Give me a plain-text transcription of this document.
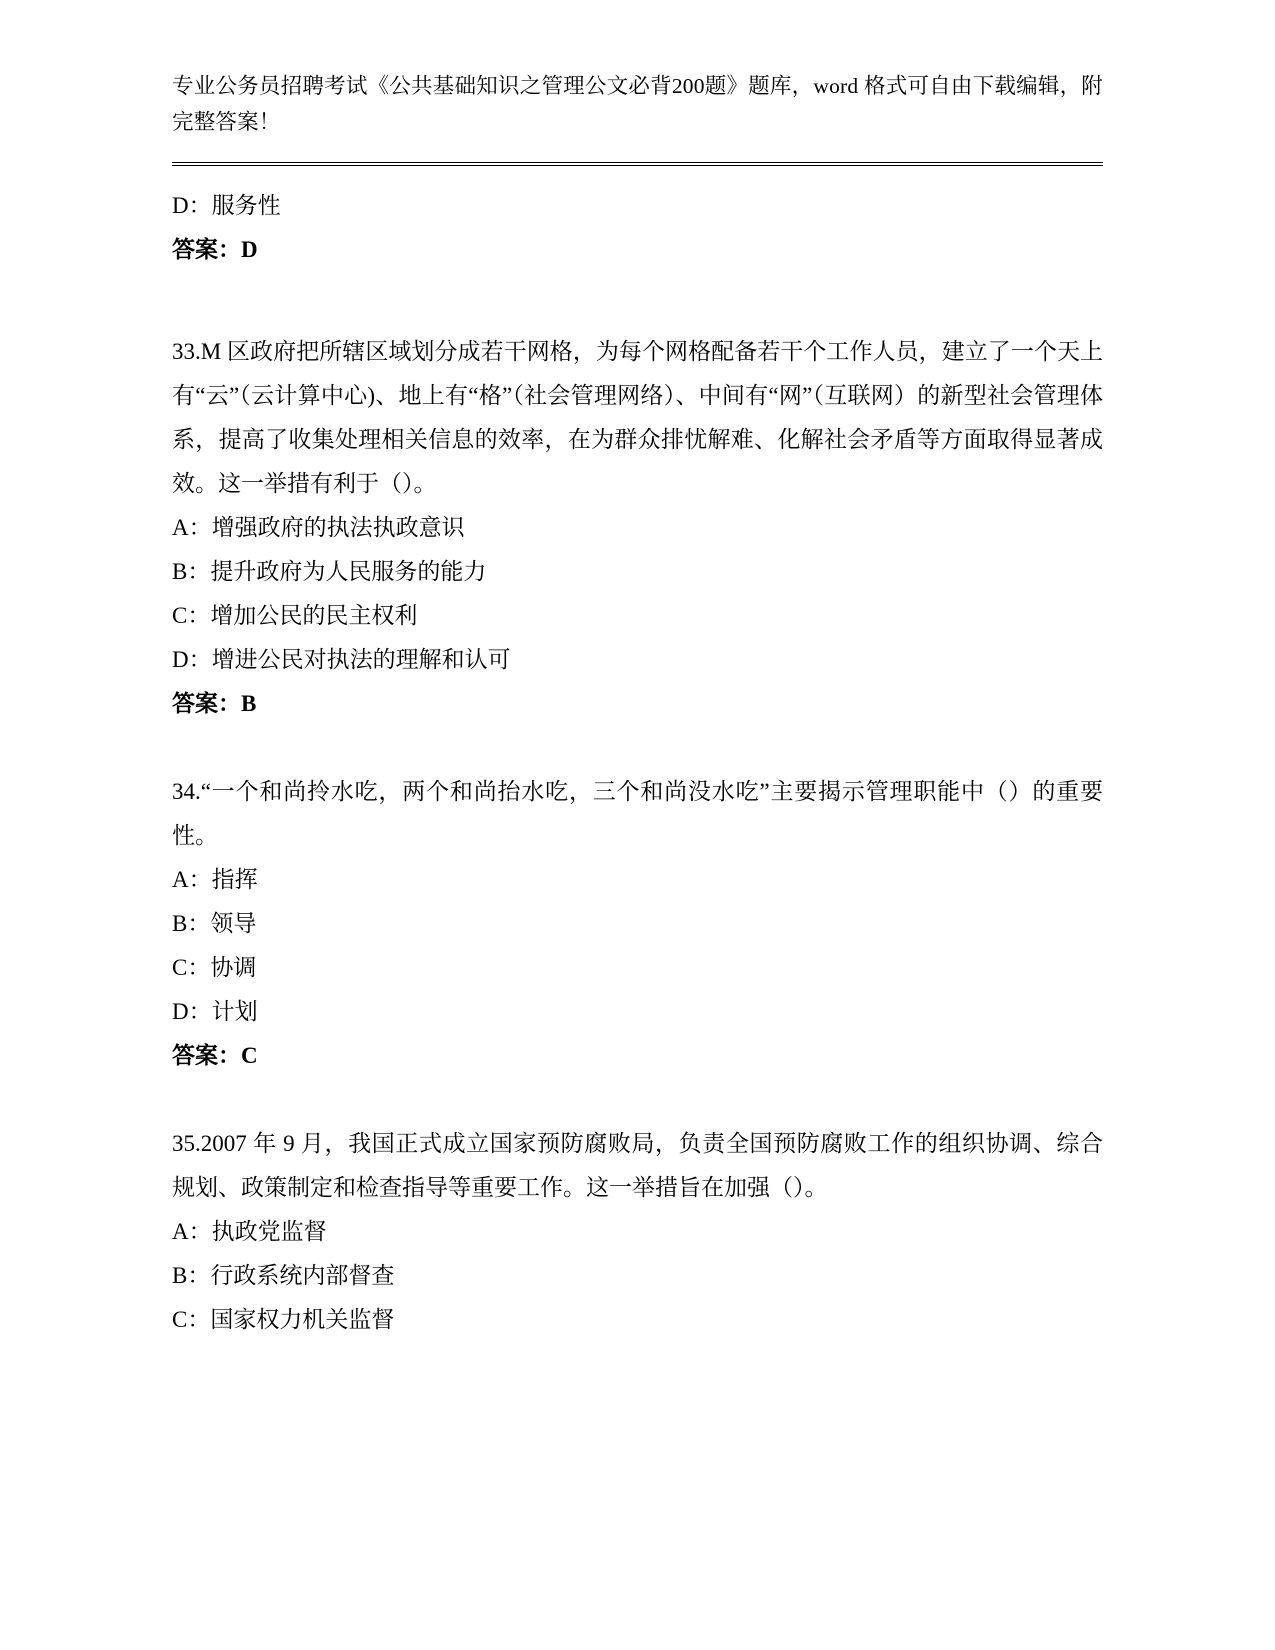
专业公务员招聘考试《公共基础知识之管理公文必背200题》题库，word 格式可自由下载编辑，附完整答案！
D：服务性
答案：D
33.M 区政府把所辖区域划分成若干网格，为每个网格配备若干个工作人员，建立了一个天上有“云”（云计算中心)、地上有“格”（社会管理网络）、中间有“网”（互联网）的新型社会管理体系，提高了收集处理相关信息的效率，在为群众排忧解难、化解社会矛盾等方面取得显著成效。这一举措有利于（）。
A：增强政府的执法执政意识
B：提升政府为人民服务的能力
C：增加公民的民主权利
D：增进公民对执法的理解和认可
答案：B
34.“一个和尚拎水吃，两个和尚抬水吃，三个和尚没水吃”主要揭示管理职能中（）的重要性。
A：指挥
B：领导
C：协调
D：计划
答案：C
35.2007 年 9 月，我国正式成立国家预防腐败局，负责全国预防腐败工作的组织协调、综合规划、政策制定和检查指导等重要工作。这一举措旨在加强（）。
A：执政党监督
B：行政系统内部督查
C：国家权力机关监督
